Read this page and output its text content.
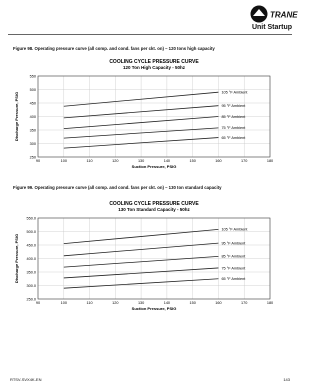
TRANE
Unit Startup
Figure 98. Operating pressure curve (all comp. and cond. fans per ckt. on) – 120 tons high capacity
COOLING CYCLE PRESSURE CURVE
120 Ton High Capacity - 50hz
250
300
350
400
450
500
550
90	100	110	120	130	140	150	160	170	180
Suction Pressure, PSIG
Discharge Pressure, PSIG	105 °F Ambient
95 °F Ambient
85 °F Ambient
75 °F Ambient
65 °F Ambient
Figure 99. Operating pressure curve (all comp. and cond. fans per ckt. on) – 130 ton standard capacity
COOLING CYCLE PRESSURE CURVE
130 Ton Standard Capacity - 50hz
250.0
300.0
350.0
400.0
450.0
500.0
550.0
90	100	110	120	130	140	150	160	170	180
Suction Pressure, PSIG
Discharge Pressure, PSIG
105 °F Ambient
95 °F Ambient
85 °F Ambient
75 °F Ambient
65 °F Ambient
RTSV-SVX4K-EN	143
